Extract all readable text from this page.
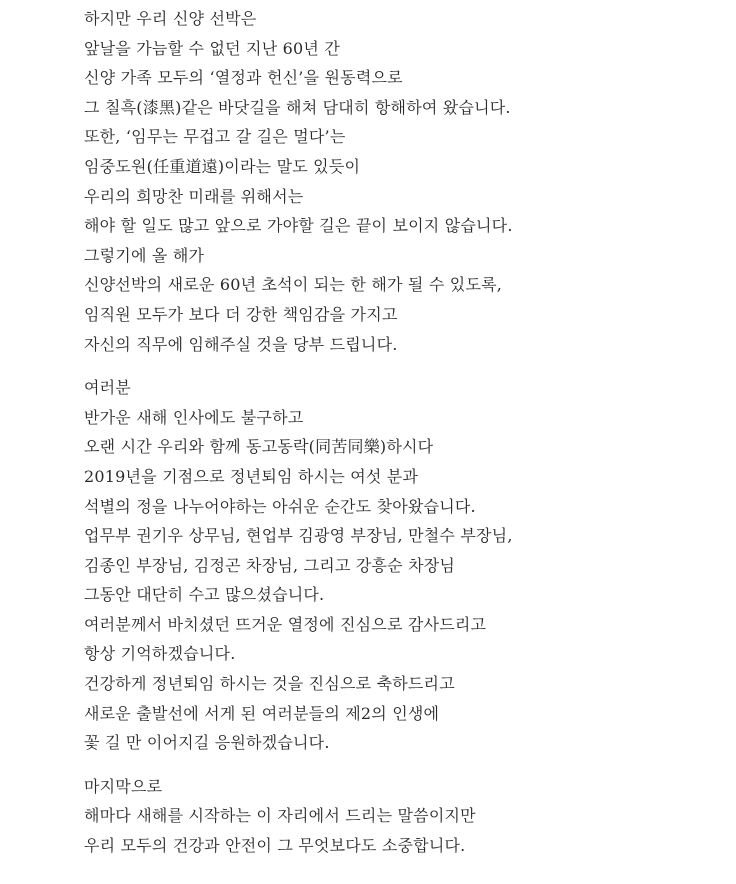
하지만 우리 신양 선박은
앞날을 가늠할 수 없던 지난 60년 간
신양 가족 모두의 ‘열정과 헌신’을 원동력으로
그 칠흑(漆黑)같은 바닷길을 해쳐 담대히 항해하여 왔습니다.
또한, ‘임무는 무겁고 갈 길은 멀다’는
임중도원(任重道遠)이라는 말도 있듯이
우리의 희망찬 미래를 위해서는
해야 할 일도 많고 앞으로 가야할 길은 끝이 보이지 않습니다.
그렇기에 올 해가
신양선박의 새로운 60년 초석이 되는 한 해가 될 수 있도록,
임직원 모두가 보다 더 강한 책임감을 가지고
자신의 직무에 임해주실 것을 당부 드립니다.
여러분
반가운 새해 인사에도 불구하고
오랜 시간 우리와 함께 동고동락(同苦同樂)하시다
2019년을 기점으로 정년퇴임 하시는 여섯 분과
석별의 정을 나누어야하는 아쉬운 순간도 찾아왔습니다.
업무부 권기우 상무님, 현업부 김광영 부장님, 만철수 부장님,
김종인 부장님, 김정곤 차장님, 그리고 강흥순 차장님
그동안 대단히 수고 많으셨습니다.
여러분께서 바치셨던 뜨거운 열정에 진심으로 감사드리고
항상 기억하겠습니다.
건강하게 정년퇴임 하시는 것을 진심으로 축하드리고
새로운 출발선에 서게 된 여러분들의 제2의 인생에
꽃 길 만 이어지길 응원하겠습니다.
마지막으로
해마다 새해를 시작하는 이 자리에서 드리는 말씀이지만
우리 모두의 건강과 안전이 그 무엇보다도 소중합니다.
